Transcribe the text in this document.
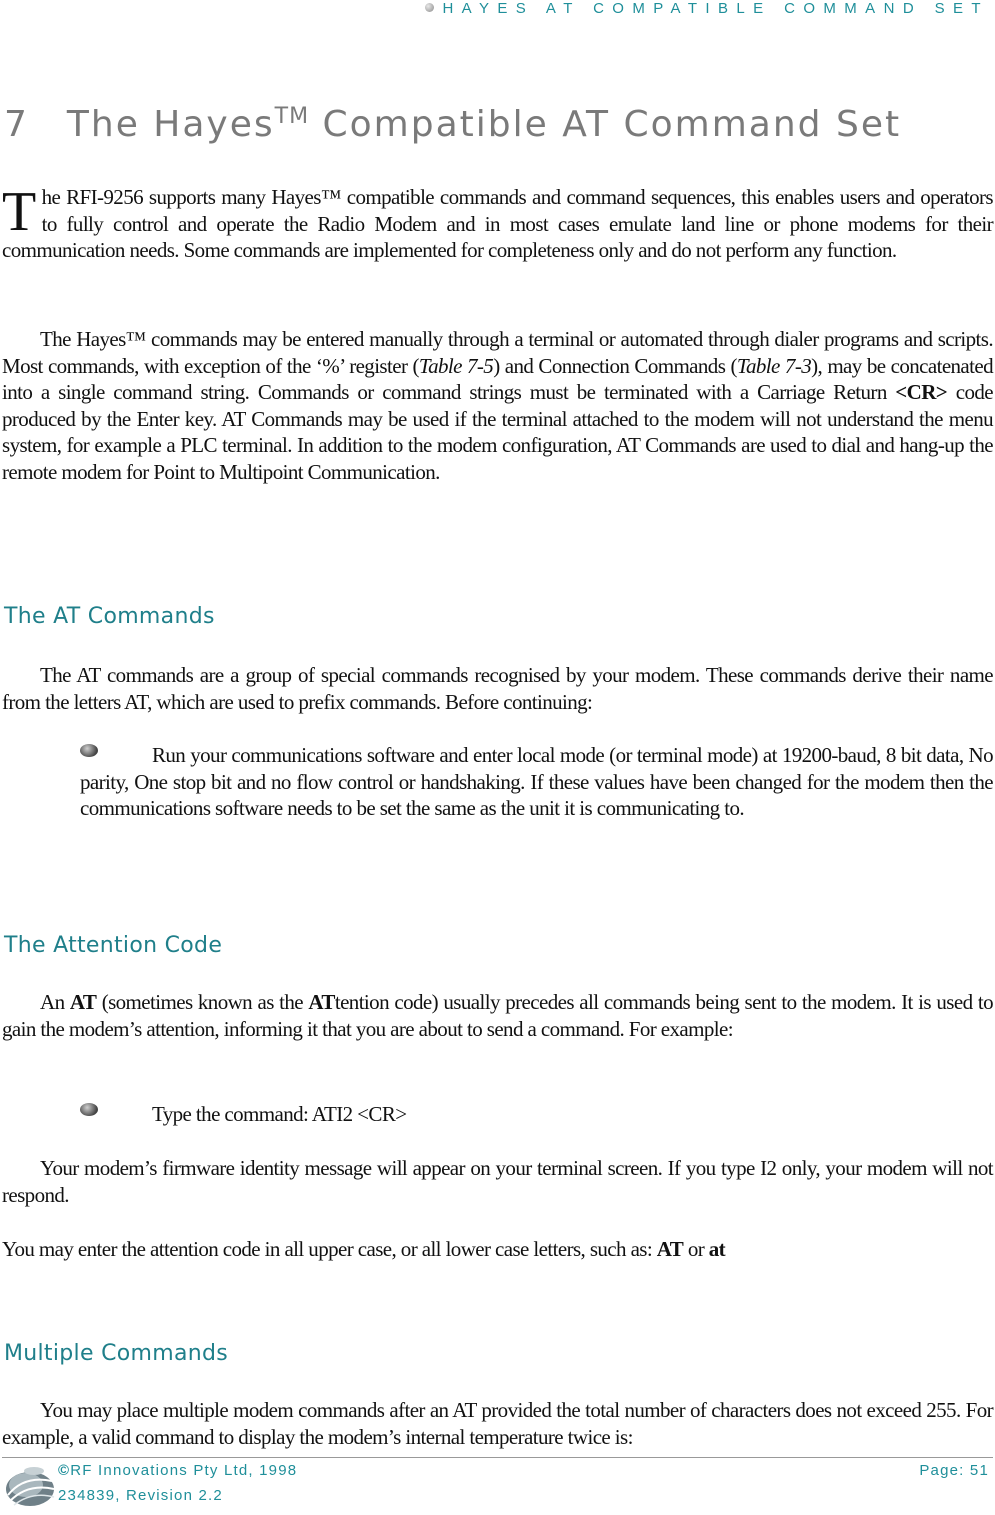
HAYES AT COMPATIBLE COMMAND SET
7 The Hayes™ Compatible AT Command Set

The RFI-9256 supports many Hayes™ compatible commands and command sequences, this enables users and operators to fully control and operate the Radio Modem and in most cases emulate land line or phone modems for their communication needs. Some commands are implemented for completeness only and do not perform any function.

The Hayes™ commands may be entered manually through a terminal or automated through dialer programs and scripts. Most commands, with exception of the ‘%’ register (Table 7-5) and Connection Commands (Table 7-3), may be concatenated into a single command string. Commands or command strings must be terminated with a Carriage Return <CR> code produced by the Enter key. AT Commands may be used if the terminal attached to the modem will not understand the menu system, for example a PLC terminal. In addition to the modem configuration, AT Commands are used to dial and hang-up the remote modem for Point to Multipoint Communication.

The AT Commands

The AT commands are a group of special commands recognised by your modem. These commands derive their name from the letters AT, which are used to prefix commands. Before continuing:

Run your communications software and enter local mode (or terminal mode) at 19200-baud, 8 bit data, No parity, One stop bit and no flow control or handshaking. If these values have been changed for the modem then the communications software needs to be set the same as the unit it is communicating to.
The Attention Code

An AT (sometimes known as the ATtention code) usually precedes all commands being sent to the modem. It is used to gain the modem’s attention, informing it that you are about to send a command. For example:

Type the command: ATI2 <CR>

Your modem’s firmware identity message will appear on your terminal screen. If you type I2 only, your modem will not respond.

You may enter the attention code in all upper case, or all lower case letters, such as: AT or at

Multiple Commands

You may place multiple modem commands after an AT provided the total number of characters does not exceed 255. For example, a valid command to display the modem’s internal temperature twice is:

©RF Innovations Pty Ltd, 1998
234839, Revision 2.2
Page: 51
